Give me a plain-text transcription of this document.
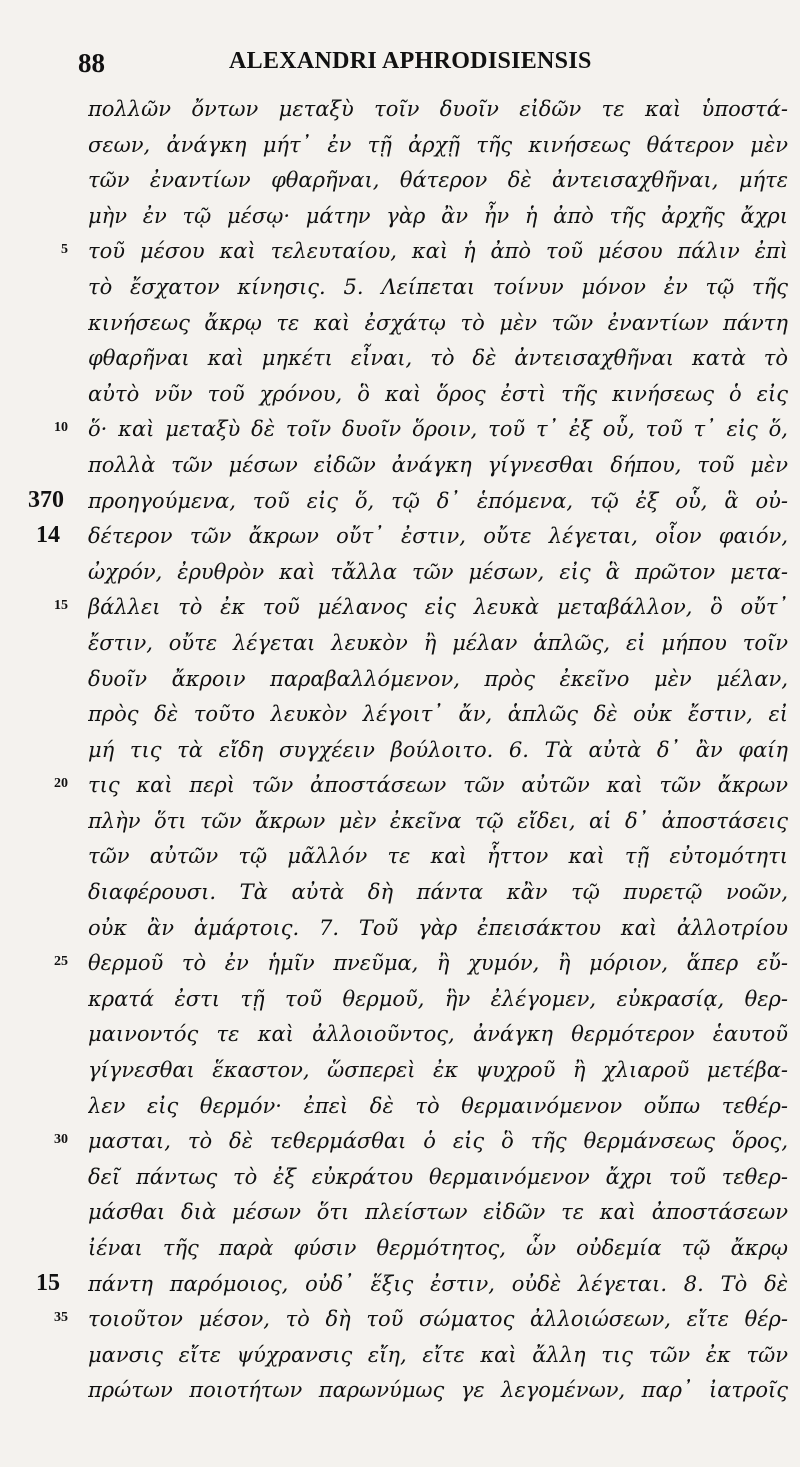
88	ALEXANDRI APHRODISIENSIS
πολλῶν ὄντων μεταξὺ τοῖν δυοῖν εἰδῶν τε καὶ ὑποστά-
σεων, ἀνάγκη μήτ᾽ ἐν τῇ ἀρχῇ τῆς κινήσεως θάτερον μὲν
τῶν ἐναντίων φθαρῆναι, θάτερον δὲ ἀντεισαχθῆναι, μήτε
μὴν ἐν τῷ μέσῳ· μάτην γὰρ ἂν ἦν ἡ ἀπὸ τῆς ἀρχῆς ἄχρι
5 τοῦ μέσου καὶ τελευταίου, καὶ ἡ ἀπὸ τοῦ μέσου πάλιν ἐπὶ
τὸ ἔσχατον κίνησις. 5. Λείπεται τοίνυν μόνον ἐν τῷ τῆς
κινήσεως ἄκρῳ τε καὶ ἐσχάτῳ τὸ μὲν τῶν ἐναντίων πάντη
φθαρῆναι καὶ μηκέτι εἶναι, τὸ δὲ ἀντεισαχθῆναι κατὰ τὸ
αὐτὸ νῦν τοῦ χρόνου, ὃ καὶ ὅρος ἐστὶ τῆς κινήσεως ὁ εἰς
10 ὅ· καὶ μεταξὺ δὲ τοῖν δυοῖν ὅροιν, τοῦ τ᾽ ἐξ οὗ, τοῦ τ᾽ εἰς ὅ,
πολλὰ τῶν μέσων εἰδῶν ἀνάγκη γίγνεσθαι δήπου, τοῦ μὲν
370	προηγούμενα, τοῦ εἰς ὅ, τῷ δ᾽ ἑπόμενα, τῷ ἐξ οὗ, ἃ οὐ-
14	δέτερον τῶν ἄκρων οὔτ᾽ ἐστιν, οὔτε λέγεται, οἷον φαιόν,
ὠχρόν, ἐρυθρὸν καὶ τἄλλα τῶν μέσων, εἰς ἃ πρῶτον μετα-
15 βάλλει τὸ ἐκ τοῦ μέλανος εἰς λευκὰ μεταβάλλον, ὃ οὔτ᾽
ἔστιν, οὔτε λέγεται λευκὸν ἢ μέλαν ἁπλῶς, εἰ μήπου τοῖν
δυοῖν ἄκροιν παραβαλλόμενον, πρὸς ἐκεῖνο μὲν μέλαν,
πρὸς δὲ τοῦτο λευκὸν λέγοιτ᾽ ἄν, ἁπλῶς δὲ οὐκ ἔστιν, εἰ
μή τις τὰ εἴδη συγχέειν βούλοιτο. 6. Τὰ αὐτὰ δ᾽ ἂν φαίη
20 τις καὶ περὶ τῶν ἀποστάσεων τῶν αὐτῶν καὶ τῶν ἄκρων
πλὴν ὅτι τῶν ἄκρων μὲν ἐκεῖνα τῷ εἴδει, αἱ δ᾽ ἀποστάσεις
τῶν αὐτῶν τῷ μᾶλλόν τε καὶ ἧττον καὶ τῇ εὐτομότητι
διαφέρουσι. Τὰ αὐτὰ δὴ πάντα κἂν τῷ πυρετῷ νοῶν,
οὐκ ἂν ἁμάρτοις. 7. Τοῦ γὰρ ἐπεισάκτου καὶ ἀλλοτρίου
25 θερμοῦ τὸ ἐν ἡμῖν πνεῦμα, ἢ χυμόν, ἢ μόριον, ἅπερ εὔ-
κρατά ἐστι τῇ τοῦ θερμοῦ, ἣν ἐλέγομεν, εὐκρασίᾳ, θερ-
μαινοντός τε καὶ ἀλλοιοῦντος, ἀνάγκη θερμότερον ἑαυτοῦ
γίγνεσθαι ἕκαστον, ὥσπερεὶ ἐκ ψυχροῦ ἢ χλιαροῦ μετέβα-
λεν εἰς θερμόν· ἐπεὶ δὲ τὸ θερμαινόμενον οὔπω τεθέρ-
30 μασται, τὸ δὲ τεθερμάσθαι ὁ εἰς ὃ τῆς θερμάνσεως ὅρος,
δεῖ πάντως τὸ ἐξ εὐκράτου θερμαινόμενον ἄχρι τοῦ τεθερ-
μάσθαι διὰ μέσων ὅτι πλείστων εἰδῶν τε καὶ ἀποστάσεων
ἰέναι τῆς παρὰ φύσιν θερμότητος, ὧν οὐδεμία τῷ ἄκρῳ
15	πάντη παρόμοιος, οὐδ᾽ ἕξις ἐστιν, οὐδὲ λέγεται. 8. Τὸ δὲ
35 τοιοῦτον μέσον, τὸ δὴ τοῦ σώματος ἀλλοιώσεων, εἴτε θέρ-
μανσις εἴτε ψύχρανσις εἴη, εἴτε καὶ ἄλλη τις τῶν ἐκ τῶν
πρώτων ποιοτήτων παρωνύμως γε λεγομένων, παρ᾽ ἰατροῖς
